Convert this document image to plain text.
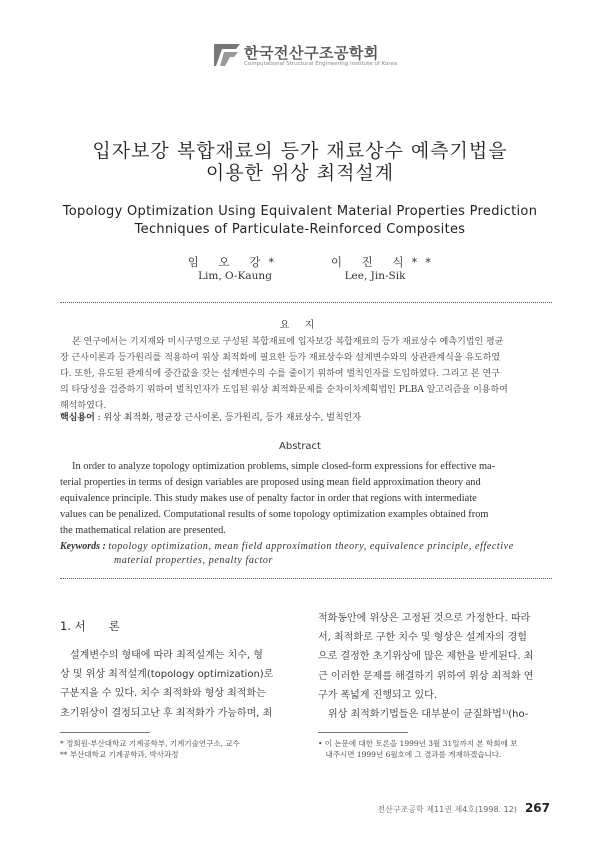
한국전산구조공학회
Computational Structural Engineering Institute of Korea
입자보강 복합재료의 등가 재료상수 예측기법을
이용한 위상 최적설계
Topology Optimization Using Equivalent Material Properties Prediction
Techniques of Particulate-Reinforced Composites
임 오 강*
Lim, O-Kaung
이 진 식**
Lee, Jin-Sik
요 지
본 연구에서는 기지재와 미시구멍으로 구성된 복합재료에 입자보강 복합재료의 등가 재료상수 예측기법인 평균
장 근사이론과 등가원리를 적용하여 위상 최적화에 필요한 등가 재료상수와 설계변수와의 상관관계식을 유도하였
다. 또한, 유도된 관계식에 중간값을 갖는 설계변수의 수를 줄이기 위하여 벌칙인자를 도입하였다. 그리고 본 연구
의 타당성을 검증하기 위하여 벌칙인자가 도입된 위상 최적화문제를 순차이차계획법인 PLBA 알고리즘을 이용하여
해석하였다.
핵심용어 : 위상 최적화, 평균장 근사이론, 등가원리, 등가 재료상수, 벌칙인자
Abstract
In order to analyze topology optimization problems, simple closed-form expressions for effective ma-
terial properties in terms of design variables are proposed using mean field approximation theory and
equivalence principle. This study makes use of penalty factor in order that regions with intermediate
values can be penalized. Computational results of some topology optimization examples obtained from
the mathematical relation are presented.
Keywords : topology optimization, mean field approximation theory, equivalence principle, effective
material properties, penalty factor
1. 서　　론
설계변수의 형태에 따라 최적설계는 치수, 형
상 및 위상 최적설계(topology optimization)로
구분지을 수 있다. 치수 최적화와 형상 최적화는
초기위상이 결정되고난 후 최적화가 가능하며, 최
적화동안에 위상은 고정된 것으로 가정한다. 따라
서, 최적화로 구한 치수 및 형상은 설계자의 경험
으로 결정한 초기위상에 많은 제한을 받게된다. 최
근 이러한 문제를 해결하기 위하여 위상 최적화 연
구가 폭넓게 진행되고 있다.
　위상 최적화기법들은 대부분이 균질화법¹⁾(ho-
* 정회원·부산대학교 기계공학부, 기계기술연구소, 교수
** 부산대학교 기계공학과, 박사과정
• 이 논문에 대한 토론을 1999년 3월 31일까지 본 학회에 보
　내주시면 1999년 6월호에 그 결과를 게재하겠습니다.
전산구조공학 제11권 제4호(1998. 12) 267
